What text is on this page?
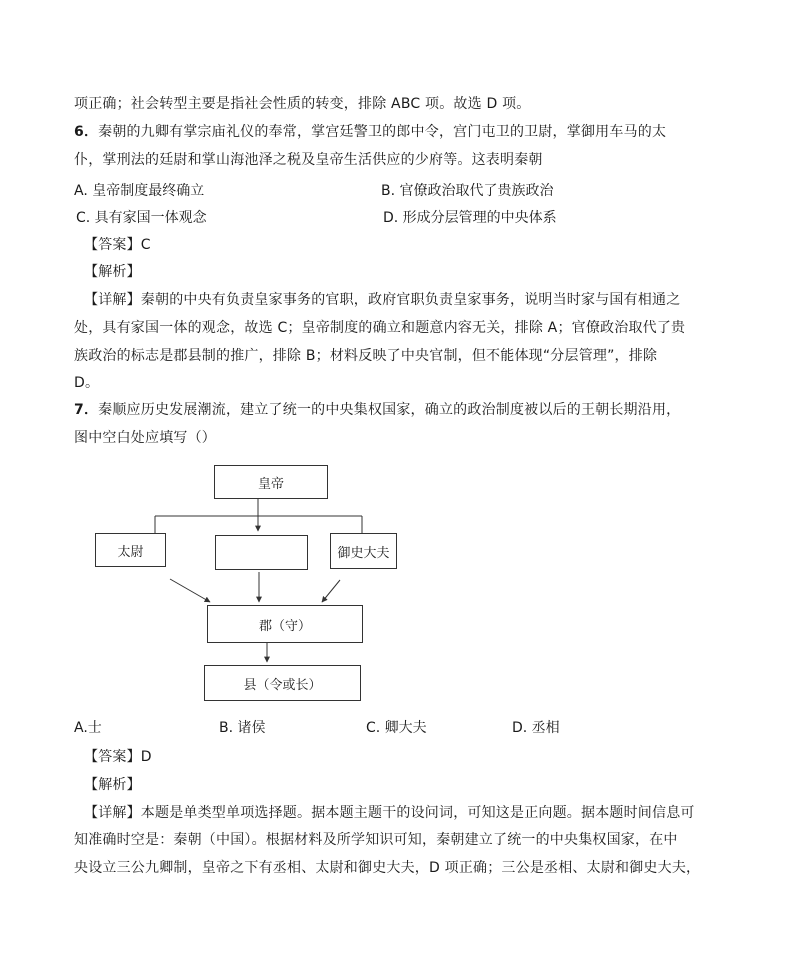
项正确；社会转型主要是指社会性质的转变，排除 ABC 项。故选 D 项。
6．秦朝的九卿有掌宗庙礼仪的奉常，掌宫廷警卫的郎中令，宫门屯卫的卫尉，掌御用车马的太
仆，掌刑法的廷尉和掌山海池泽之税及皇帝生活供应的少府等。这表明秦朝
A. 皇帝制度最终确立	B. 官僚政治取代了贵族政治
C. 具有家国一体观念	D. 形成分层管理的中央体系
【答案】C
【解析】
【详解】秦朝的中央有负责皇家事务的官职，政府官职负责皇家事务，说明当时家与国有相通之
处，具有家国一体的观念，故选 C；皇帝制度的确立和题意内容无关，排除 A；官僚政治取代了贵
族政治的标志是郡县制的推广，排除 B；材料反映了中央官制，但不能体现“分层管理”，排除
D。
7．秦顺应历史发展潮流，建立了统一的中央集权国家，确立的政治制度被以后的王朝长期沿用，
图中空白处应填写（）
皇帝
太尉	御史大夫
郡（守）
县（令或长）
A.士	B. 诸侯	C. 卿大夫	D. 丞相
【答案】D
【解析】
【详解】本题是单类型单项选择题。据本题主题干的设问词，可知这是正向题。据本题时间信息可
知准确时空是：秦朝（中国）。根据材料及所学知识可知，秦朝建立了统一的中央集权国家，在中
央设立三公九卿制，皇帝之下有丞相、太尉和御史大夫，D 项正确；三公是丞相、太尉和御史大夫，
